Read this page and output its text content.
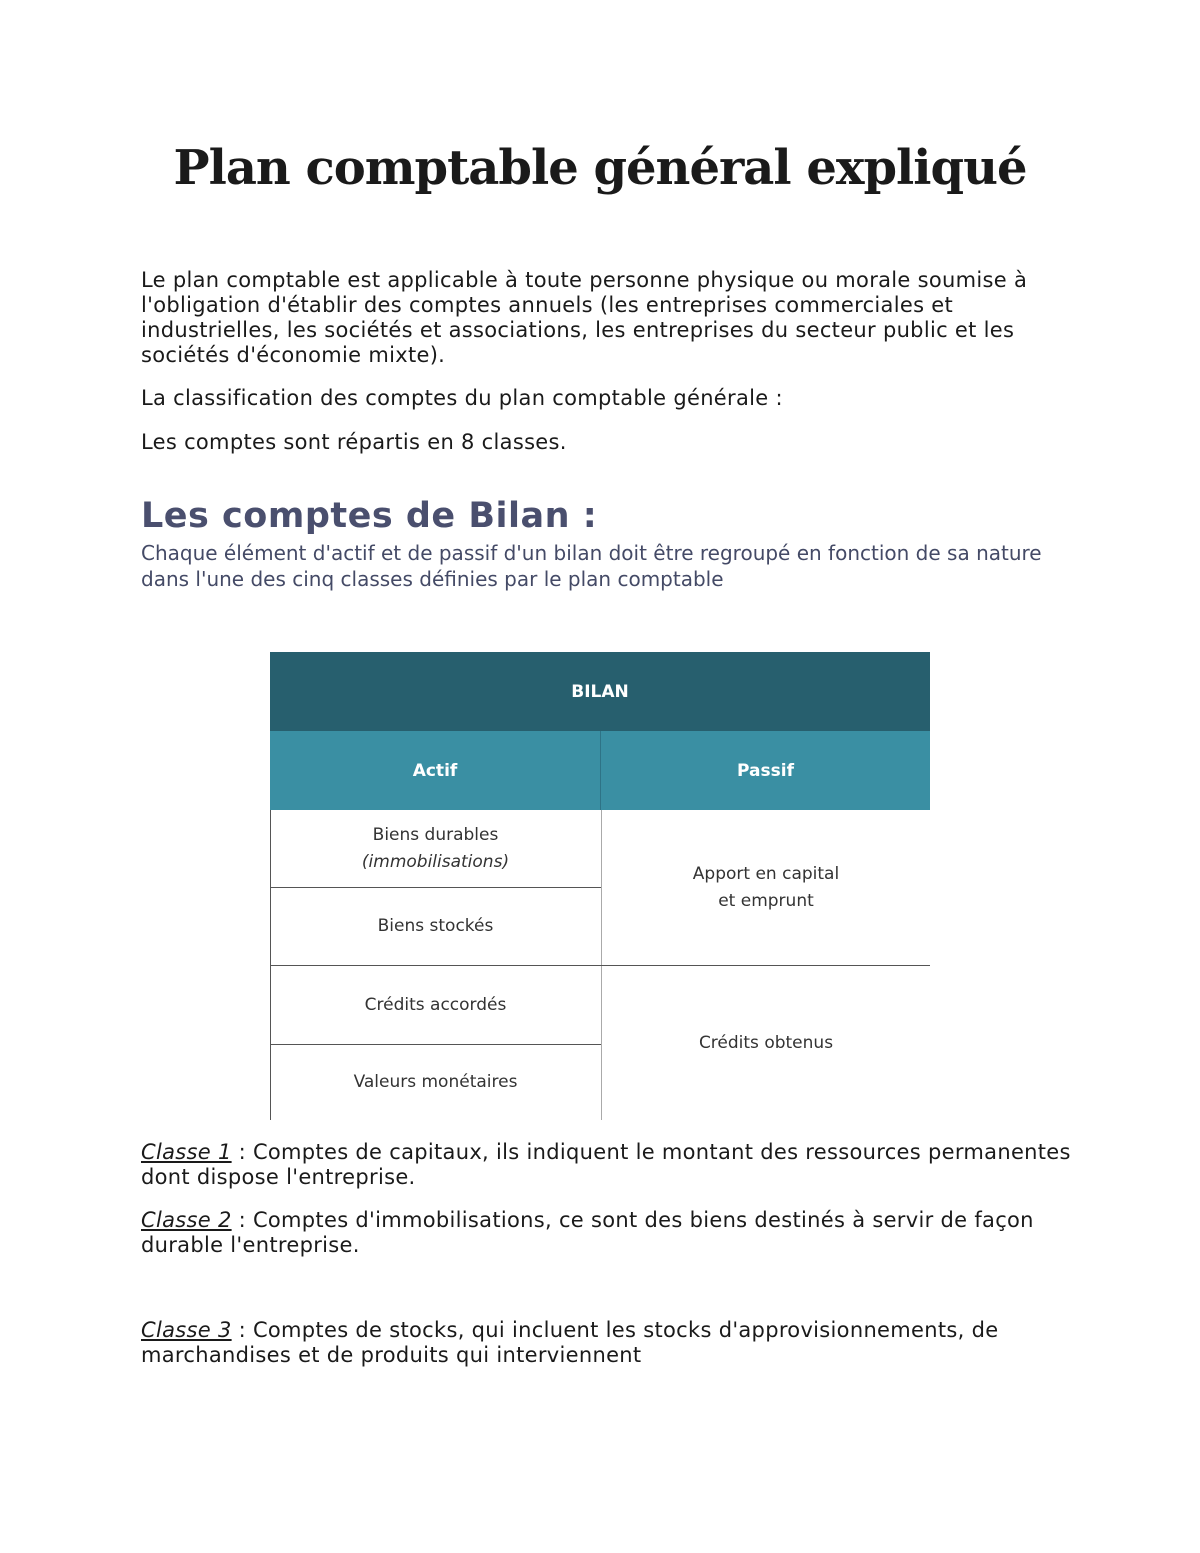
Plan comptable général expliqué

Le plan comptable est applicable à toute personne physique ou morale soumise à l'obligation d'établir des comptes annuels (les entreprises commerciales et industrielles, les sociétés et associations, les entreprises du secteur public et les sociétés d'économie mixte).

La classification des comptes du plan comptable générale :

Les comptes sont répartis en 8 classes.

Les comptes de Bilan :

Chaque élément d'actif et de passif d'un bilan doit être regroupé en fonction de sa nature dans l'une des cinq classes définies par le plan comptable

BILAN
Actif	Passif
Biens durables
(immobilisations)
Biens stockés
Crédits accordés
Valeurs monétaires
Apport en capital
et emprunt
Crédits obtenus

Classe 1 : Comptes de capitaux, ils indiquent le montant des ressources permanentes dont dispose l'entreprise.

Classe 2 : Comptes d'immobilisations, ce sont des biens destinés à servir de façon durable l'entreprise.

Classe 3 : Comptes de stocks, qui incluent les stocks d'approvisionnements, de marchandises et de produits qui interviennent
